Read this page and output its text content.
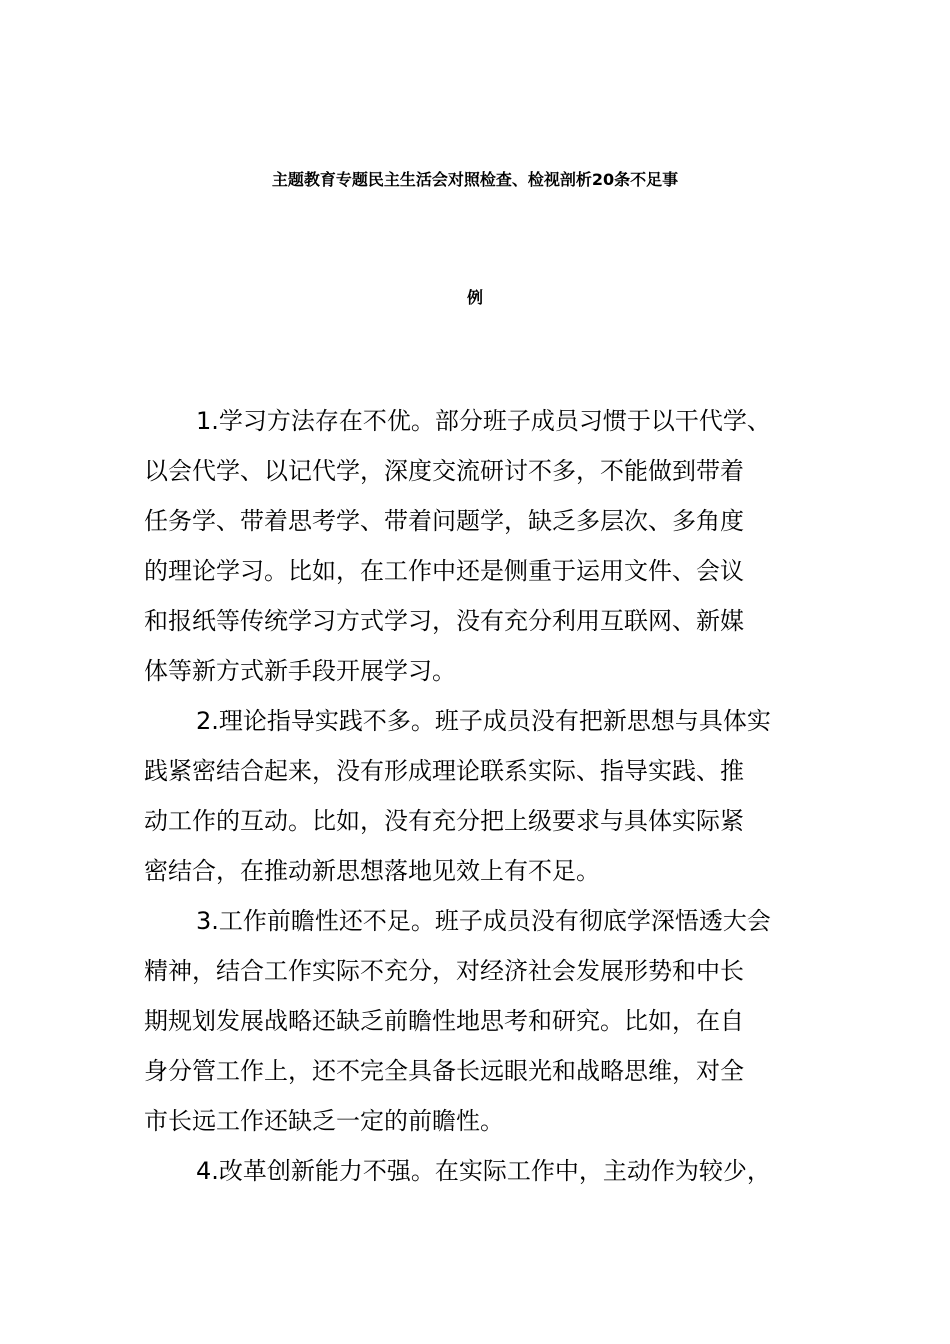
主题教育专题民主生活会对照检查、检视剖析20条不足事
例
1.学习方法存在不优。部分班子成员习惯于以干代学、
以会代学、以记代学，深度交流研讨不多，不能做到带着
任务学、带着思考学、带着问题学，缺乏多层次、多角度
的理论学习。比如，在工作中还是侧重于运用文件、会议
和报纸等传统学习方式学习，没有充分利用互联网、新媒
体等新方式新手段开展学习。
2.理论指导实践不多。班子成员没有把新思想与具体实
践紧密结合起来，没有形成理论联系实际、指导实践、推
动工作的互动。比如，没有充分把上级要求与具体实际紧
密结合，在推动新思想落地见效上有不足。
3.工作前瞻性还不足。班子成员没有彻底学深悟透大会
精神，结合工作实际不充分，对经济社会发展形势和中长
期规划发展战略还缺乏前瞻性地思考和研究。比如，在自
身分管工作上，还不完全具备长远眼光和战略思维，对全
市长远工作还缺乏一定的前瞻性。
4.改革创新能力不强。在实际工作中，主动作为较少，
